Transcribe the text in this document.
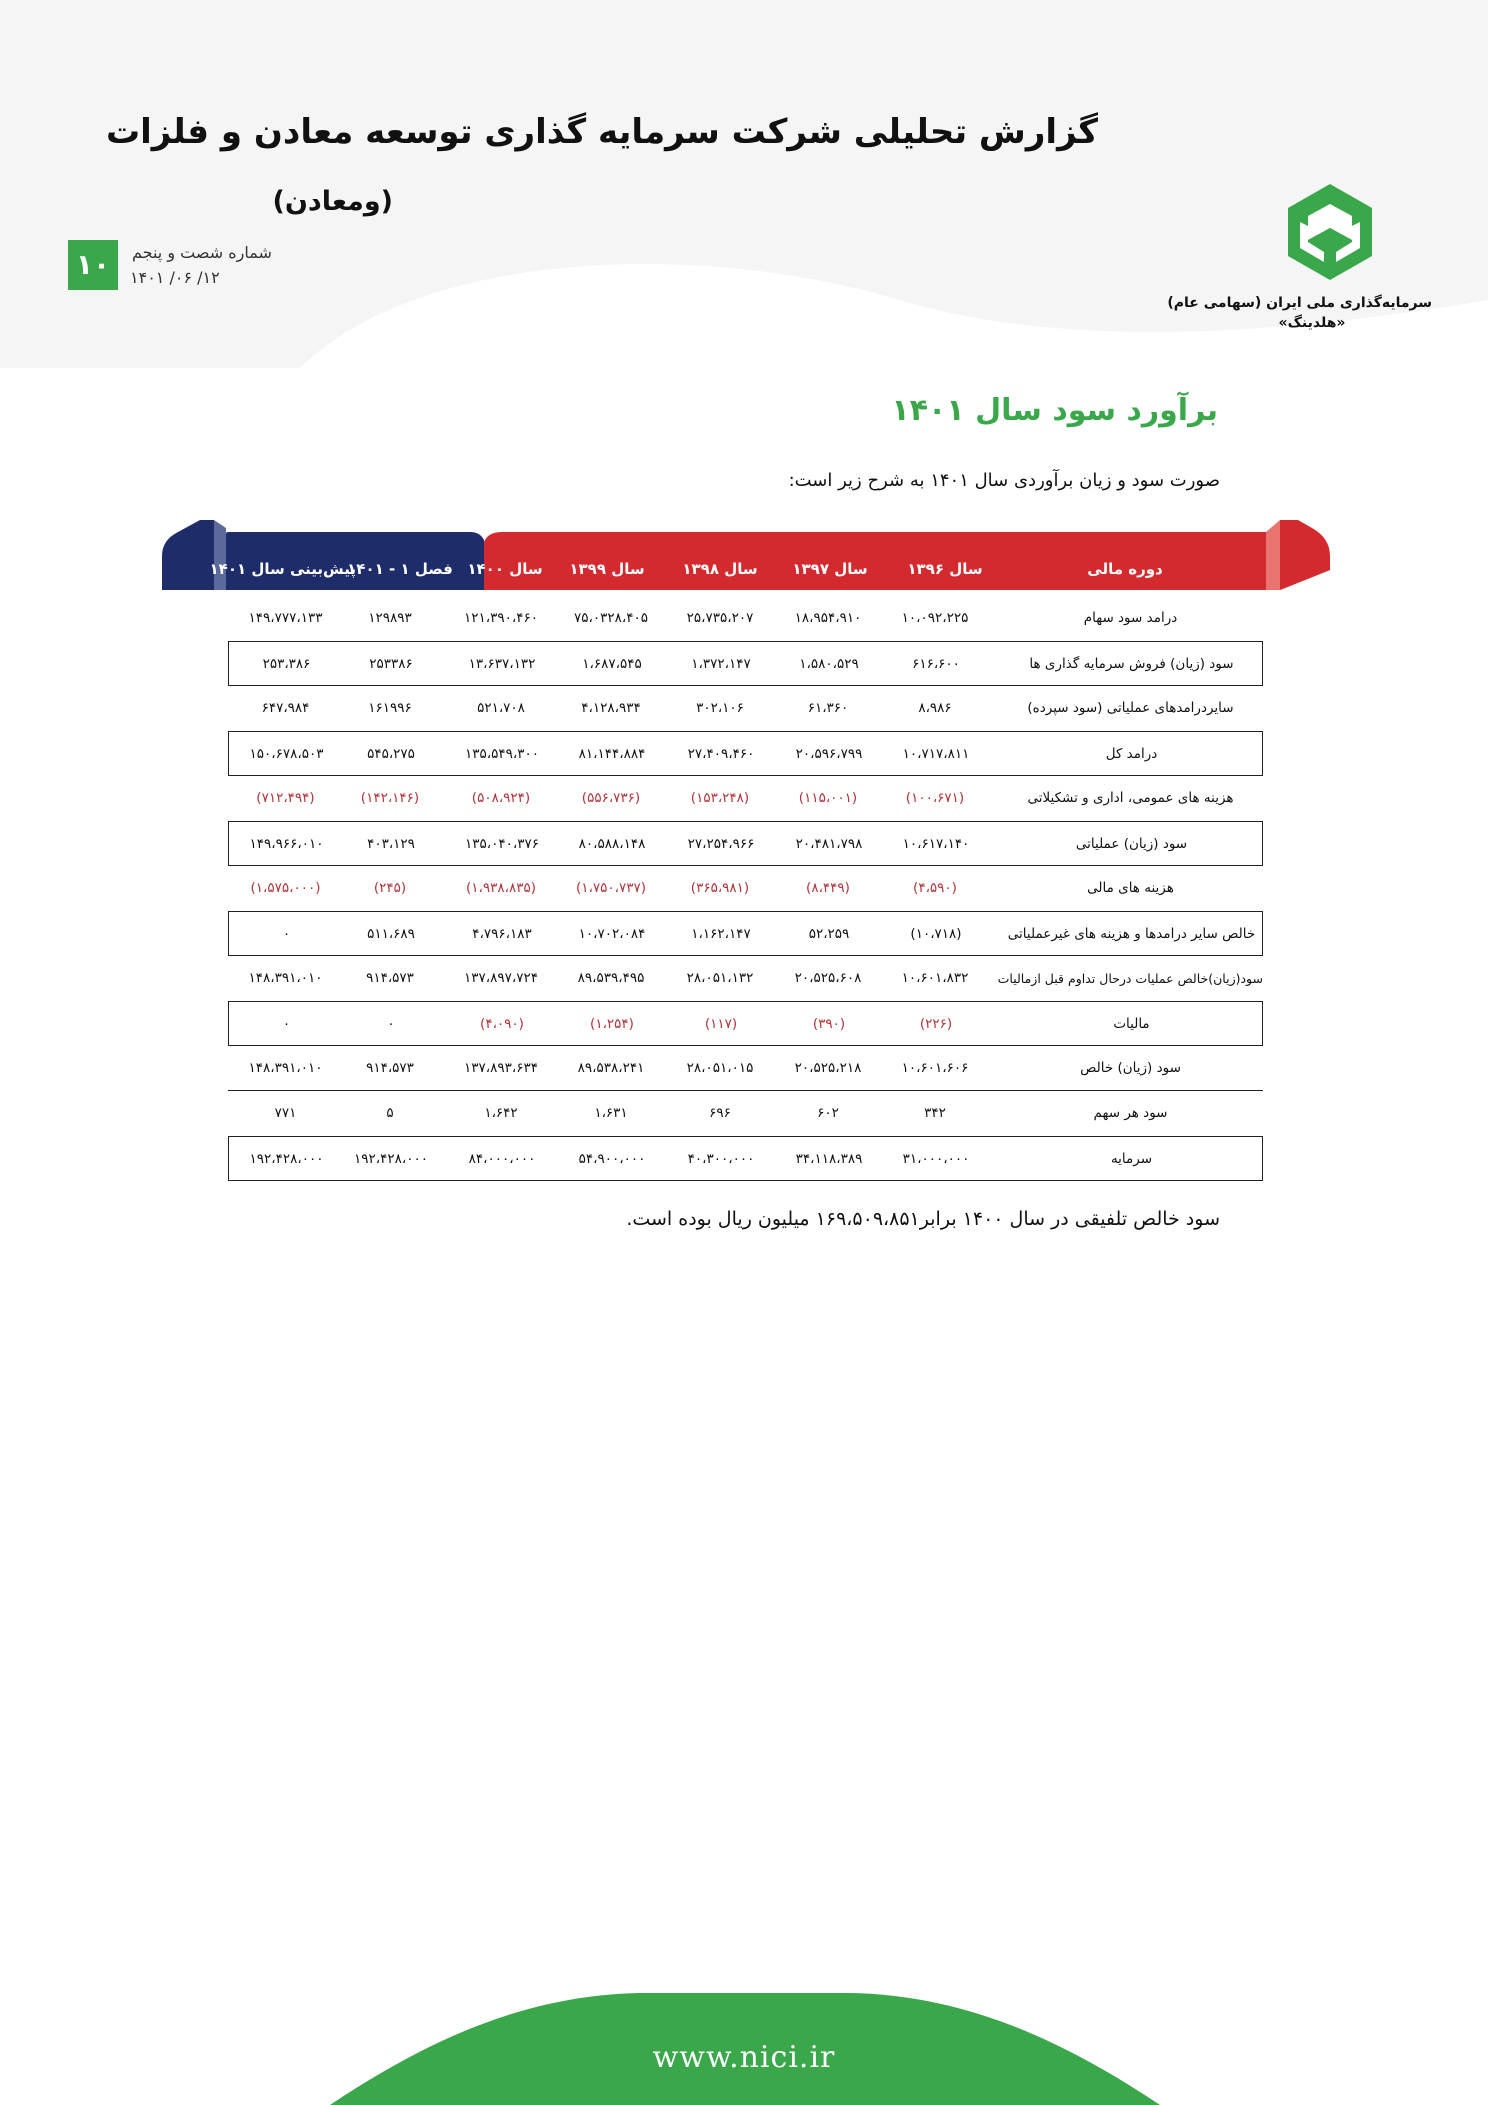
گزارش تحلیلی شرکت سرمایه گذاری توسعه معادن و فلزات
(ومعادن)
۱۰	شماره شصت و پنجم
۱۴۰۱ /۰۶ /۱۲
سرمایه‌گذاری ملی ایران (سهامی عام)
«هلدینگ»
برآورد سود سال ۱۴۰۱
صورت سود و زیان برآوردی سال ۱۴۰۱ به شرح زیر است:
دوره مالی
سال ۱۳۹۶
سال ۱۳۹۷
سال ۱۳۹۸
سال ۱۳۹۹
سال ۱۴۰۰
فصل ۱ - ۱۴۰۱
پیش‌بینی سال ۱۴۰۱
درامد سود سهام
۱۰،۰۹۲،۲۲۵
۱۸،۹۵۴،۹۱۰
۲۵،۷۳۵،۲۰۷
۷۵،۰۳۲۸،۴۰۵
۱۲۱،۳۹۰،۴۶۰
۱۲۹۸۹۳
۱۴۹،۷۷۷،۱۳۳
سود (زیان) فروش سرمایه گذاری ها
۶۱۶،۶۰۰
۱،۵۸۰،۵۲۹
۱،۳۷۲،۱۴۷
۱،۶۸۷،۵۴۵
۱۳،۶۳۷،۱۳۲
۲۵۳۳۸۶
۲۵۳،۳۸۶
سایردرامدهای عملیاتی (سود سپرده)
۸،۹۸۶
۶۱،۳۶۰
۳۰۲،۱۰۶
۴،۱۲۸،۹۳۴
۵۲۱،۷۰۸
۱۶۱۹۹۶
۶۴۷،۹۸۴
درامد کل
۱۰،۷۱۷،۸۱۱
۲۰،۵۹۶،۷۹۹
۲۷،۴۰۹،۴۶۰
۸۱،۱۴۴،۸۸۴
۱۳۵،۵۴۹،۳۰۰
۵۴۵،۲۷۵
۱۵۰،۶۷۸،۵۰۳
هزینه های عمومی، اداری و تشکیلاتی
(۱۰۰،۶۷۱)
(۱۱۵،۰۰۱)
(۱۵۳،۲۴۸)
(۵۵۶،۷۳۶)
(۵۰۸،۹۲۴)
(۱۴۲،۱۴۶)
(۷۱۲،۴۹۴)
سود (زیان) عملیاتی
۱۰،۶۱۷،۱۴۰
۲۰،۴۸۱،۷۹۸
۲۷،۲۵۴،۹۶۶
۸۰،۵۸۸،۱۴۸
۱۳۵،۰۴۰،۳۷۶
۴۰۳،۱۲۹
۱۴۹،۹۶۶،۰۱۰
هزینه های مالی
(۴،۵۹۰)
(۸،۴۴۹)
(۳۶۵،۹۸۱)
(۱،۷۵۰،۷۳۷)
(۱،۹۳۸،۸۳۵)
(۲۴۵)
(۱،۵۷۵،۰۰۰)
خالص سایر درامدها و هزینه های غیرعملیاتی
(۱۰،۷۱۸)
۵۲،۲۵۹
۱،۱۶۲،۱۴۷
۱۰،۷۰۲،۰۸۴
۴،۷۹۶،۱۸۳
۵۱۱،۶۸۹
۰
سود(زیان)خالص عملیات درحال تداوم قبل ازمالیات
۱۰،۶۰۱،۸۳۲
۲۰،۵۲۵،۶۰۸
۲۸،۰۵۱،۱۳۲
۸۹،۵۳۹،۴۹۵
۱۳۷،۸۹۷،۷۲۴
۹۱۴،۵۷۳
۱۴۸،۳۹۱،۰۱۰
مالیات
(۲۲۶)
(۳۹۰)
(۱۱۷)
(۱،۲۵۴)
(۴،۰۹۰)
۰
۰
سود (زیان) خالص
۱۰،۶۰۱،۶۰۶
۲۰،۵۲۵،۲۱۸
۲۸،۰۵۱،۰۱۵
۸۹،۵۳۸،۲۴۱
۱۳۷،۸۹۳،۶۳۴
۹۱۴،۵۷۳
۱۴۸،۳۹۱،۰۱۰
سود هر سهم
۳۴۲
۶۰۲
۶۹۶
۱،۶۳۱
۱،۶۴۲
۵
۷۷۱
سرمایه
۳۱،۰۰۰،۰۰۰
۳۴،۱۱۸،۳۸۹
۴۰،۳۰۰،۰۰۰
۵۴،۹۰۰،۰۰۰
۸۴،۰۰۰،۰۰۰
۱۹۲،۴۲۸،۰۰۰
۱۹۲،۴۲۸،۰۰۰
سود خالص تلفیقی در سال ۱۴۰۰ برابر۱۶۹،۵۰۹،۸۵۱ میلیون ریال بوده است.
www.nici.ir
